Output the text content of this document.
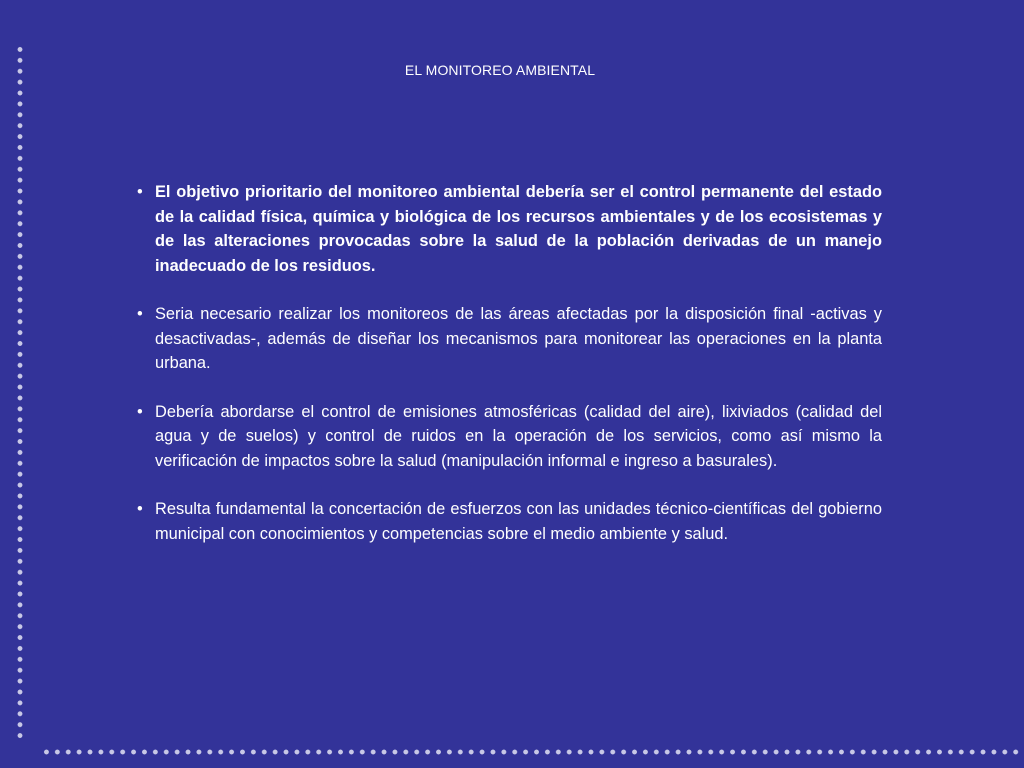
EL MONITOREO AMBIENTAL
• El objetivo prioritario del monitoreo ambiental debería ser el control permanente del estado de la calidad física, química y biológica de los recursos ambientales y de los ecosistemas y de las alteraciones provocadas sobre la salud de la población derivadas de un manejo inadecuado de los residuos.
• Seria necesario realizar los monitoreos de las áreas afectadas por la disposición final -activas y desactivadas-, además de diseñar los mecanismos para monitorear las operaciones en la planta urbana.
• Debería abordarse el control de emisiones atmosféricas (calidad del aire), lixiviados (calidad del agua y de suelos) y control de ruidos en la operación de los servicios, como así mismo la verificación de impactos sobre la salud (manipulación informal e ingreso a basurales).
• Resulta fundamental la concertación de esfuerzos con las unidades técnico-científicas del gobierno municipal con conocimientos y competencias sobre el medio ambiente y salud.
